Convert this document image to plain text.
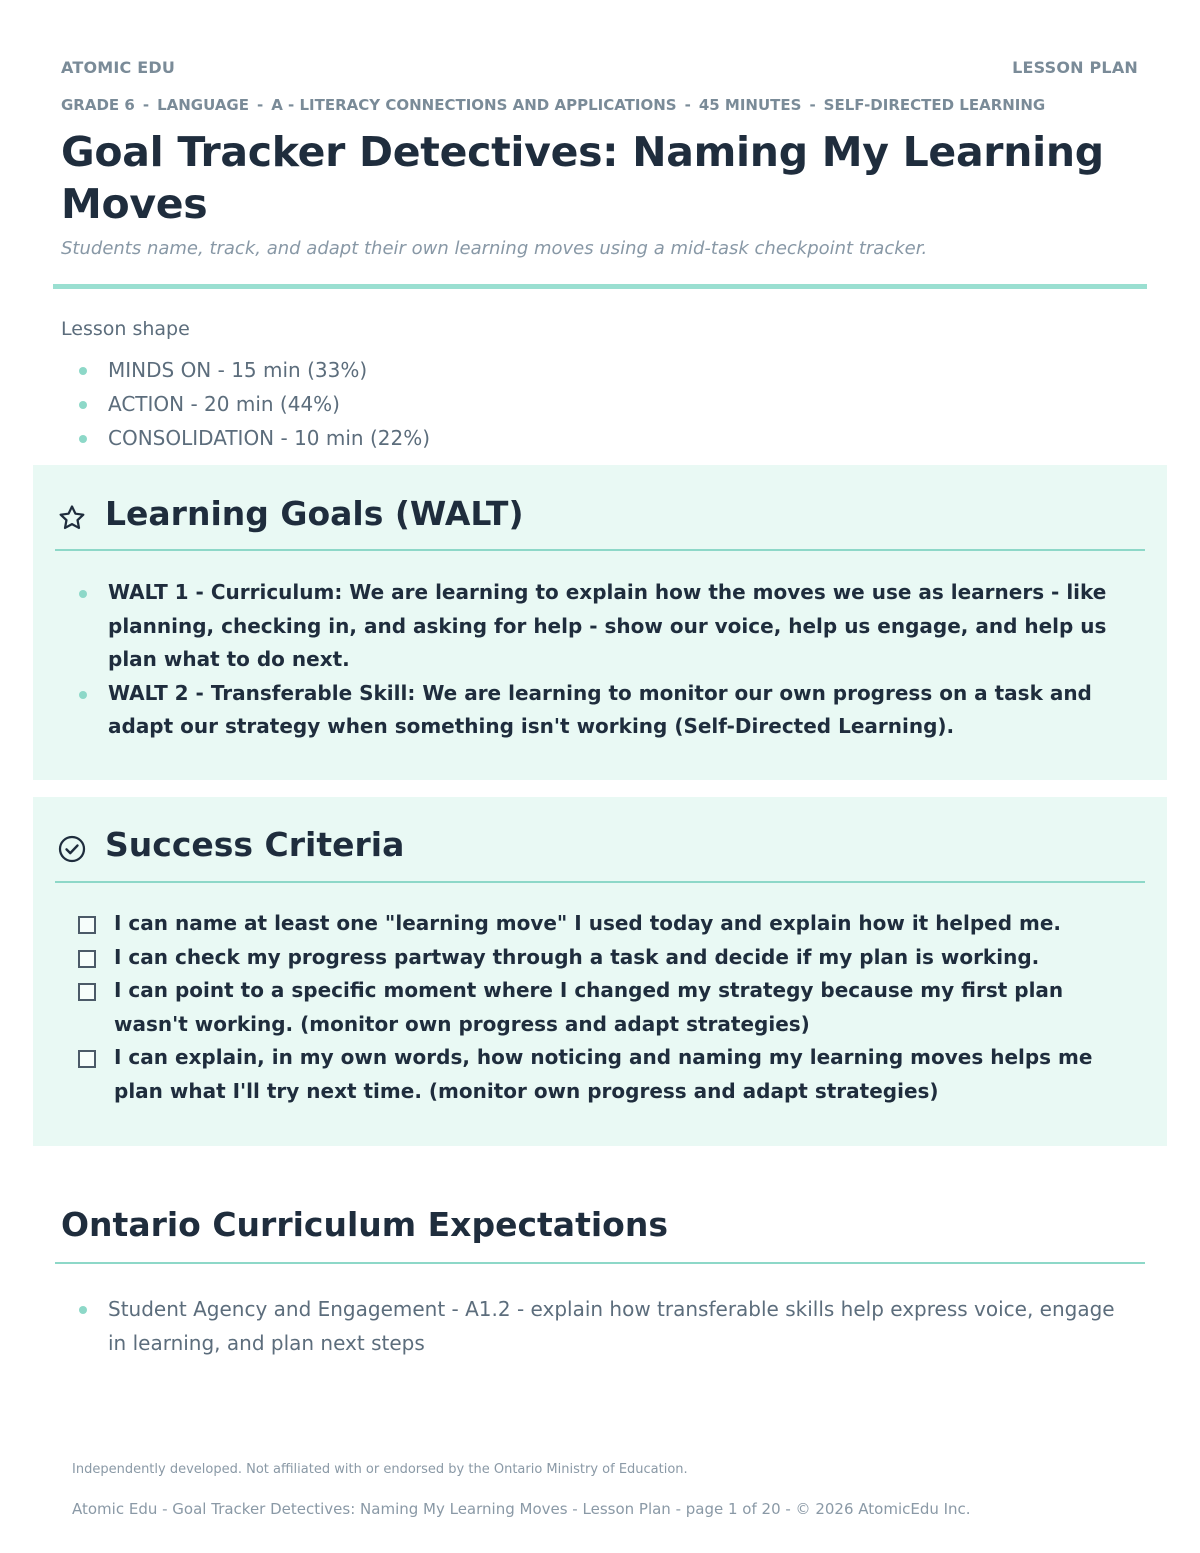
ATOMIC EDU	LESSON PLAN
GRADE 6 - LANGUAGE - A - LITERACY CONNECTIONS AND APPLICATIONS - 45 MINUTES - SELF-DIRECTED LEARNING
Goal Tracker Detectives: Naming My Learning Moves
Students name, track, and adapt their own learning moves using a mid-task checkpoint tracker.
Lesson shape
MINDS ON - 15 min (33%)
ACTION - 20 min (44%)
CONSOLIDATION - 10 min (22%)
Learning Goals (WALT)
WALT 1 - Curriculum: We are learning to explain how the moves we use as learners - like planning, checking in, and asking for help - show our voice, help us engage, and help us plan what to do next.
WALT 2 - Transferable Skill: We are learning to monitor our own progress on a task and adapt our strategy when something isn't working (Self-Directed Learning).
Success Criteria
I can name at least one "learning move" I used today and explain how it helped me.
I can check my progress partway through a task and decide if my plan is working.
I can point to a specific moment where I changed my strategy because my first plan wasn't working. (monitor own progress and adapt strategies)
I can explain, in my own words, how noticing and naming my learning moves helps me plan what I'll try next time. (monitor own progress and adapt strategies)
Ontario Curriculum Expectations
Student Agency and Engagement - A1.2 - explain how transferable skills help express voice, engage in learning, and plan next steps
Independently developed. Not affiliated with or endorsed by the Ontario Ministry of Education.
Atomic Edu - Goal Tracker Detectives: Naming My Learning Moves - Lesson Plan - page 1 of 20 - © 2026 AtomicEdu Inc.
